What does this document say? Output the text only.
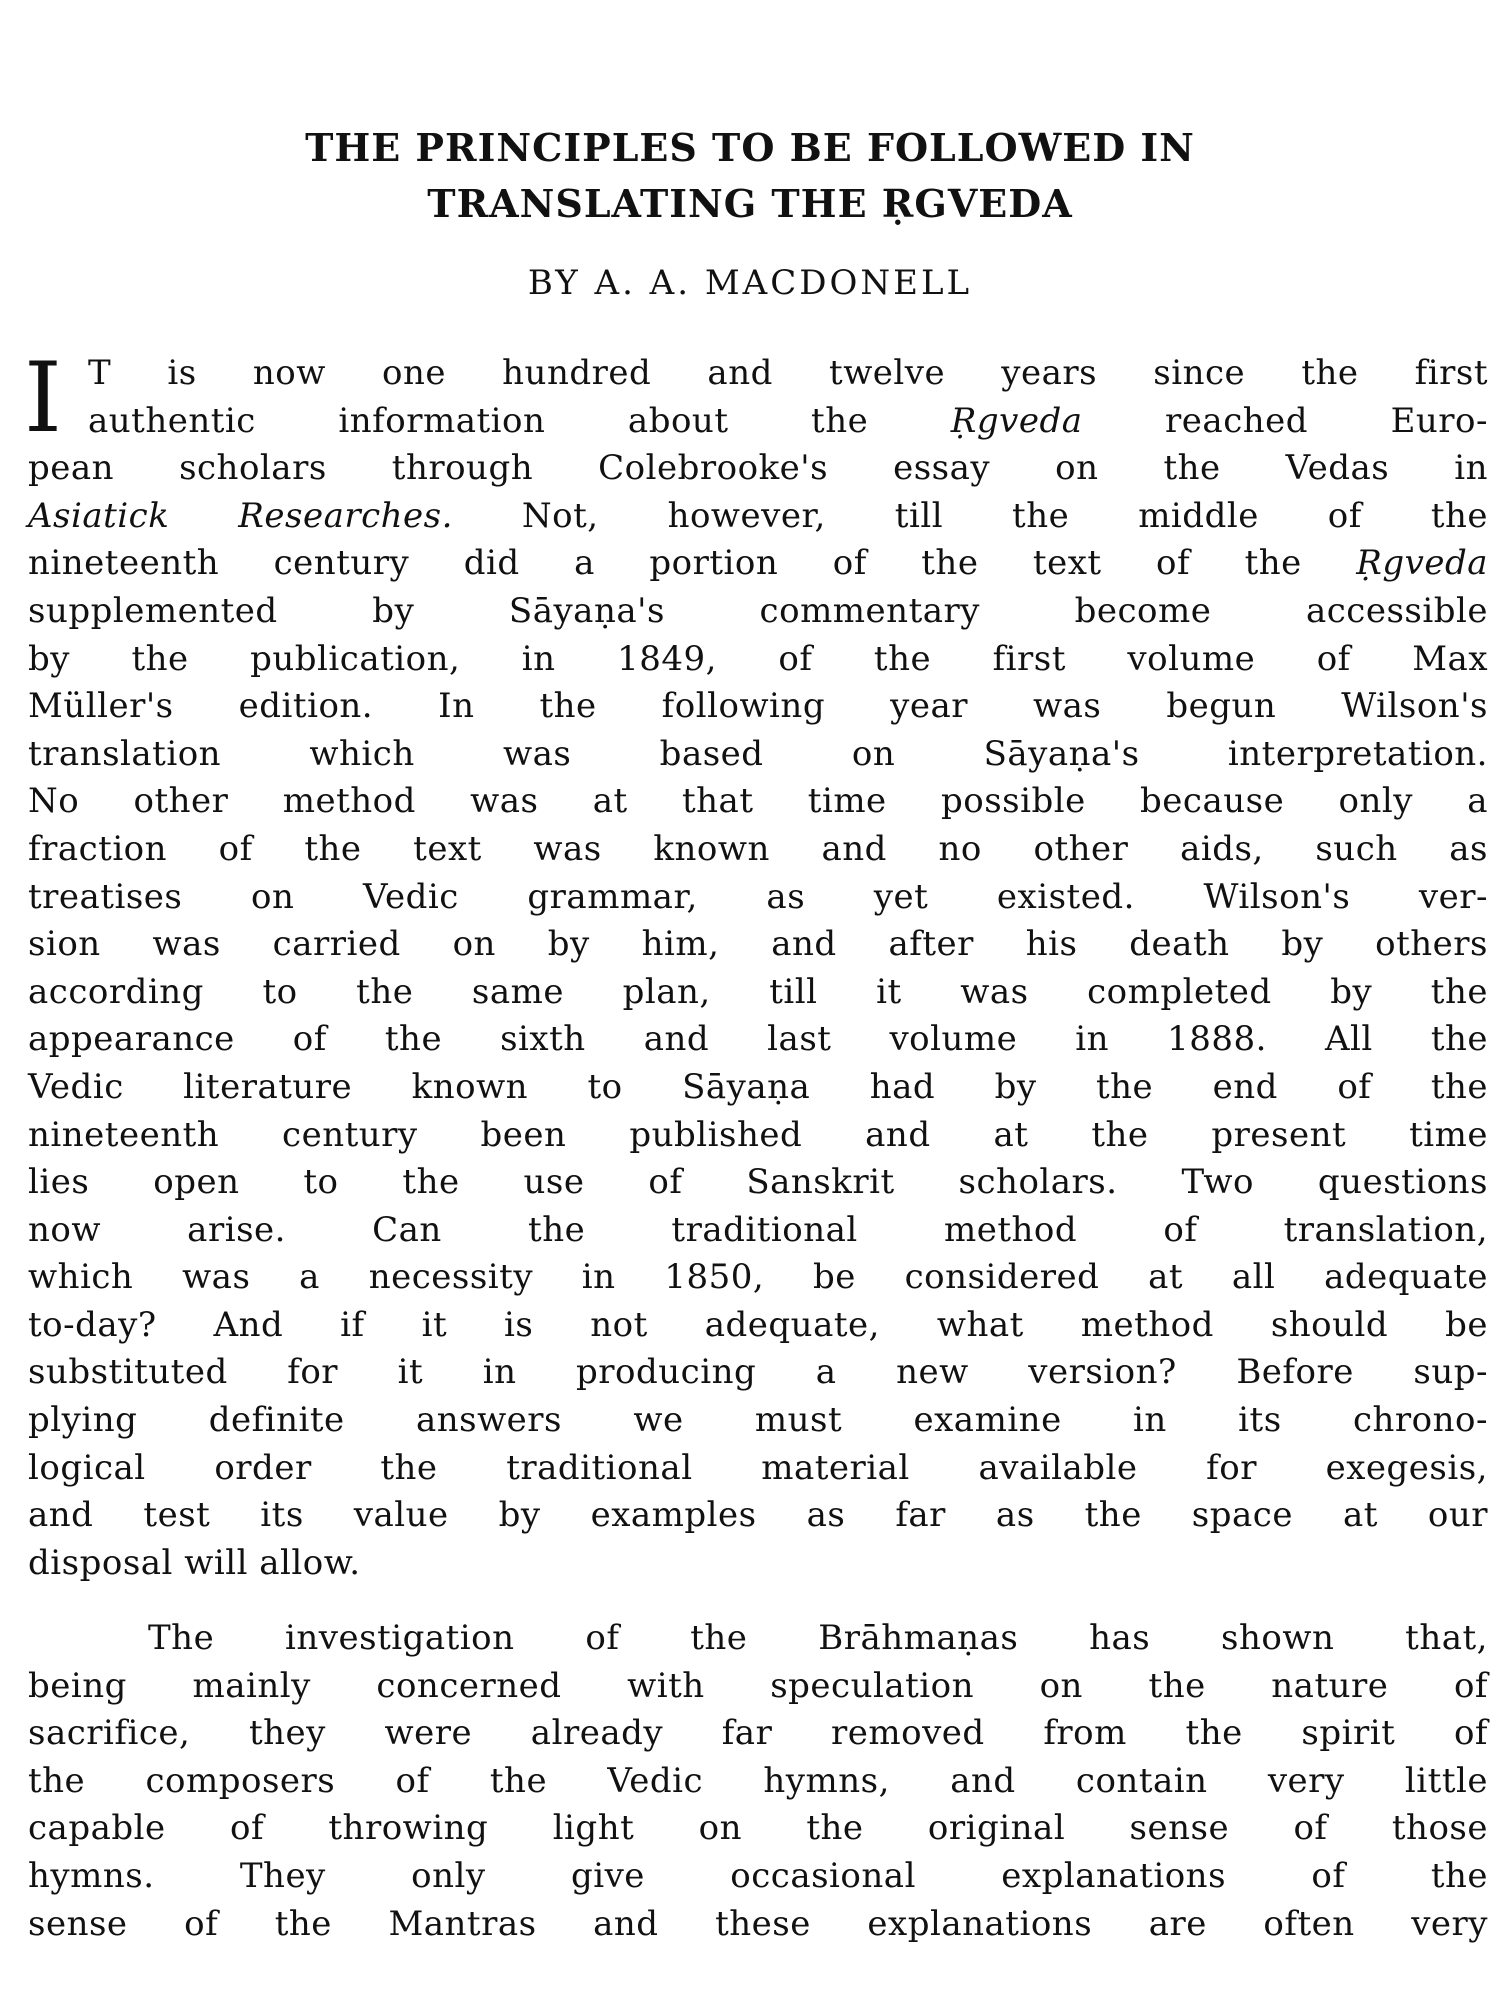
THE PRINCIPLES TO BE FOLLOWED IN
TRANSLATING THE ṚGVEDA
BY A. A. MACDONELL
I T is now one hundred and twelve years since the first
authentic information about the Ṛgveda reached Euro-
pean scholars through Colebrooke's essay on the Vedas in
Asiatick Researches. Not, however, till the middle of the
nineteenth century did a portion of the text of the Ṛgveda
supplemented by Sāyaṇa's commentary become accessible
by the publication, in 1849, of the first volume of Max
Müller's edition. In the following year was begun Wilson's
translation which was based on Sāyaṇa's interpretation.
No other method was at that time possible because only a
fraction of the text was known and no other aids, such as
treatises on Vedic grammar, as yet existed. Wilson's ver-
sion was carried on by him, and after his death by others
according to the same plan, till it was completed by the
appearance of the sixth and last volume in 1888. All the
Vedic literature known to Sāyaṇa had by the end of the
nineteenth century been published and at the present time
lies open to the use of Sanskrit scholars. Two questions
now arise. Can the traditional method of translation,
which was a necessity in 1850, be considered at all adequate
to-day? And if it is not adequate, what method should be
substituted for it in producing a new version? Before sup-
plying definite answers we must examine in its chrono-
logical order the traditional material available for exegesis,
and test its value by examples as far as the space at our
disposal will allow.
The investigation of the Brāhmaṇas has shown that,
being mainly concerned with speculation on the nature of
sacrifice, they were already far removed from the spirit of
the composers of the Vedic hymns, and contain very little
capable of throwing light on the original sense of those
hymns. They only give occasional explanations of the
sense of the Mantras and these explanations are often very
